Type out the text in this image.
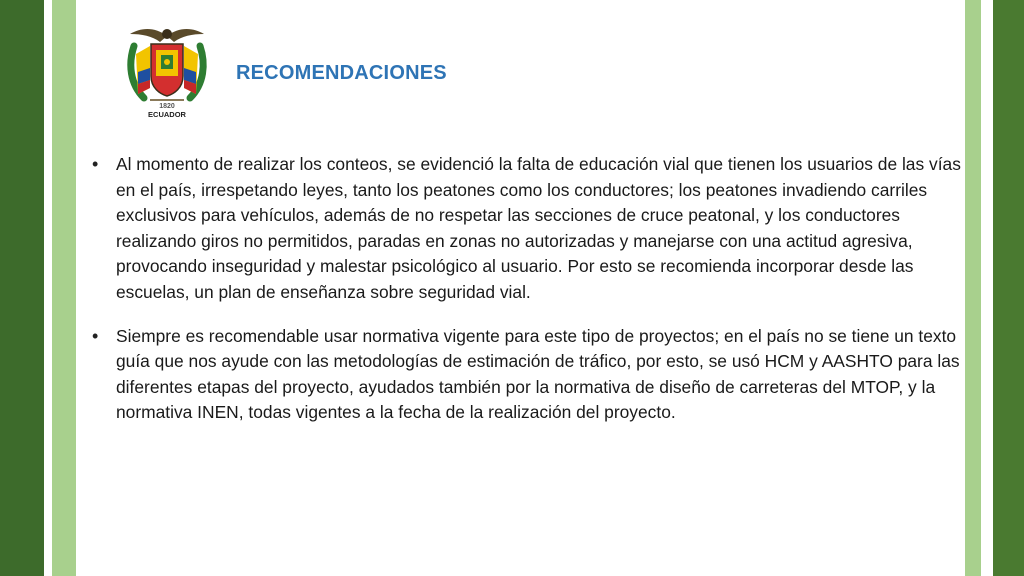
1820
ECUADOR
RECOMENDACIONES
• Al momento de realizar los conteos, se evidenció la falta de educación vial que tienen los usuarios de las vías en el país, irrespetando leyes, tanto los peatones como los conductores; los peatones invadiendo carriles exclusivos para vehículos, además de no respetar las secciones de cruce peatonal, y los conductores realizando giros no permitidos, paradas en zonas no autorizadas y manejarse con una actitud agresiva, provocando inseguridad y malestar psicológico al usuario. Por esto se recomienda incorporar desde las escuelas, un plan de enseñanza sobre seguridad vial.
• Siempre es recomendable usar normativa vigente para este tipo de proyectos; en el país no se tiene un texto guía que nos ayude con las metodologías de estimación de tráfico, por esto, se usó HCM y AASHTO para las diferentes etapas del proyecto, ayudados también por la normativa de diseño de carreteras del MTOP, y la normativa INEN, todas vigentes a la fecha de la realización del proyecto.
